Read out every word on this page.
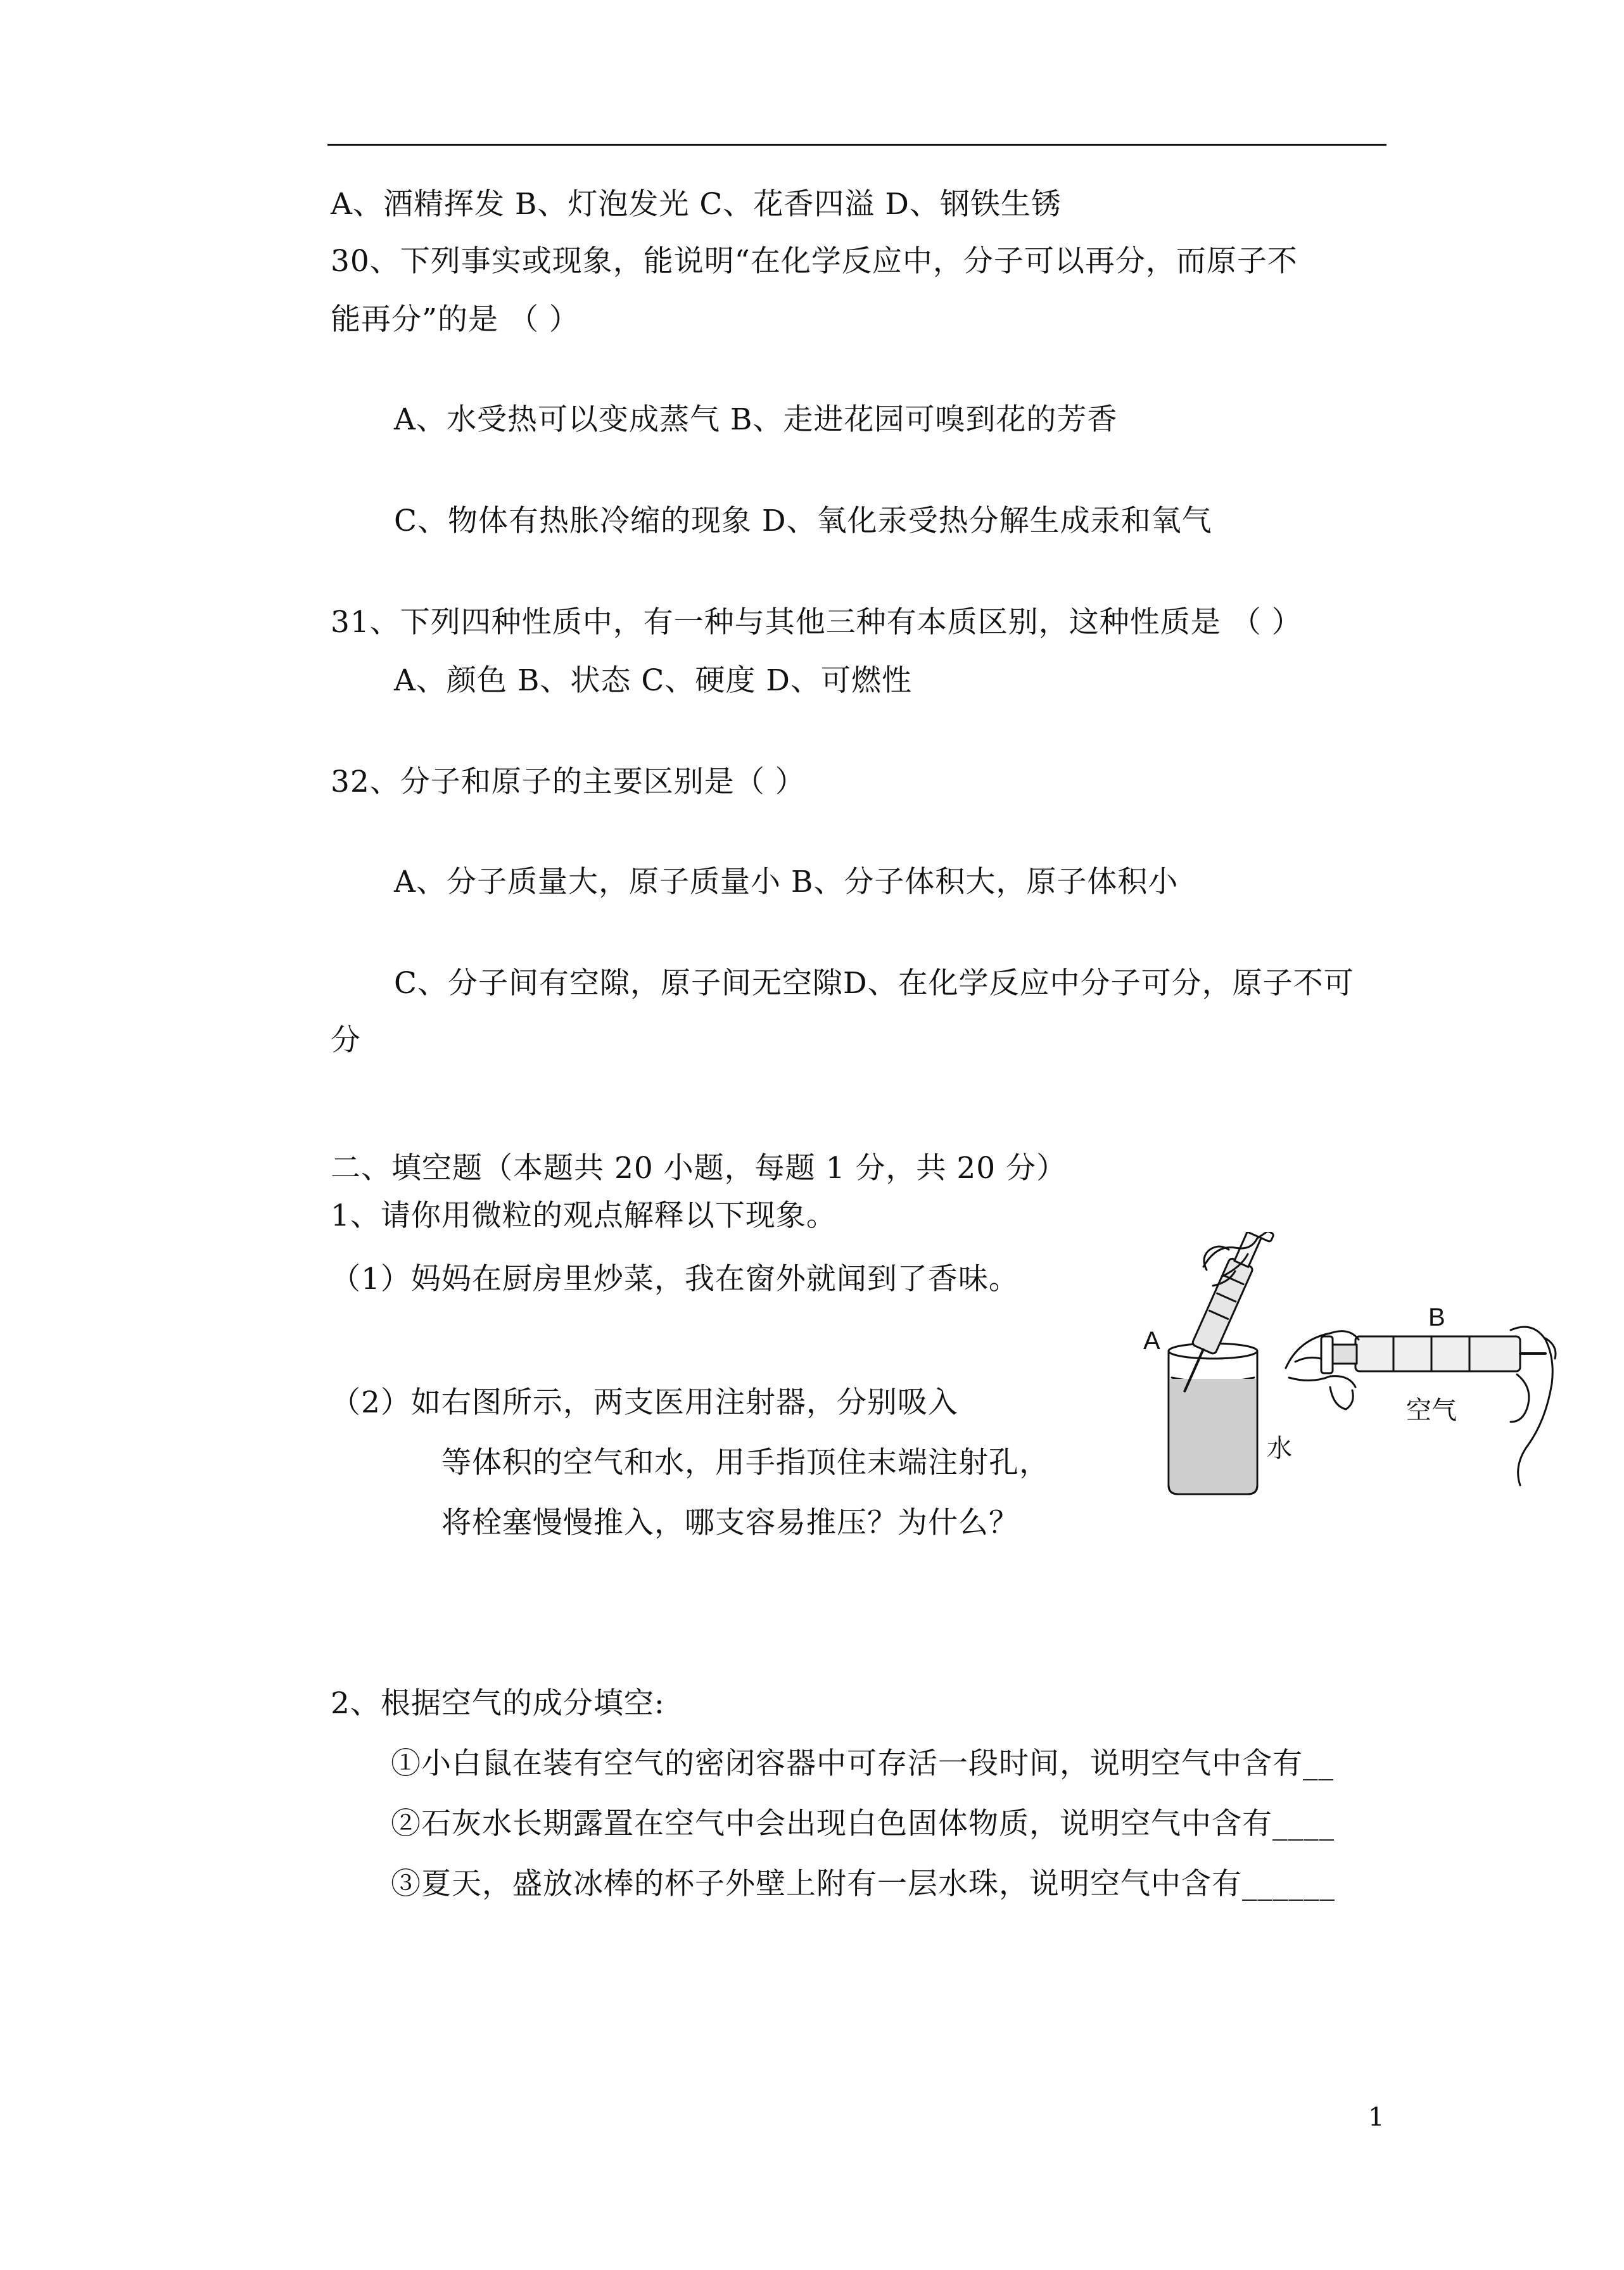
A、酒精挥发 B、灯泡发光 C、花香四溢 D、钢铁生锈
30、下列事实或现象，能说明“在化学反应中，分子可以再分，而原子不
能再分”的是 （ ）
A、水受热可以变成蒸气 B、走进花园可嗅到花的芳香
C、物体有热胀冷缩的现象 D、氧化汞受热分解生成汞和氧气
31、下列四种性质中，有一种与其他三种有本质区别，这种性质是 （ ）
A、颜色 B、状态 C、硬度 D、可燃性
32、分子和原子的主要区别是（ ）
A、分子质量大，原子质量小 B、分子体积大，原子体积小
C、分子间有空隙，原子间无空隙D、在化学反应中分子可分，原子不可
分
二、填空题（本题共 20 小题，每题 1 分，共 20 分）
1、请你用微粒的观点解释以下现象。
（1）妈妈在厨房里炒菜，我在窗外就闻到了香味。
（2）如右图所示，两支医用注射器，分别吸入
等体积的空气和水，用手指顶住末端注射孔，
将栓塞慢慢推入，哪支容易推压？为什么？
A
B
水
空气
2、根据空气的成分填空:
①小白鼠在装有空气的密闭容器中可存活一段时间，说明空气中含有__
②石灰水长期露置在空气中会出现白色固体物质，说明空气中含有____
③夏天，盛放冰棒的杯子外壁上附有一层水珠，说明空气中含有______
1
